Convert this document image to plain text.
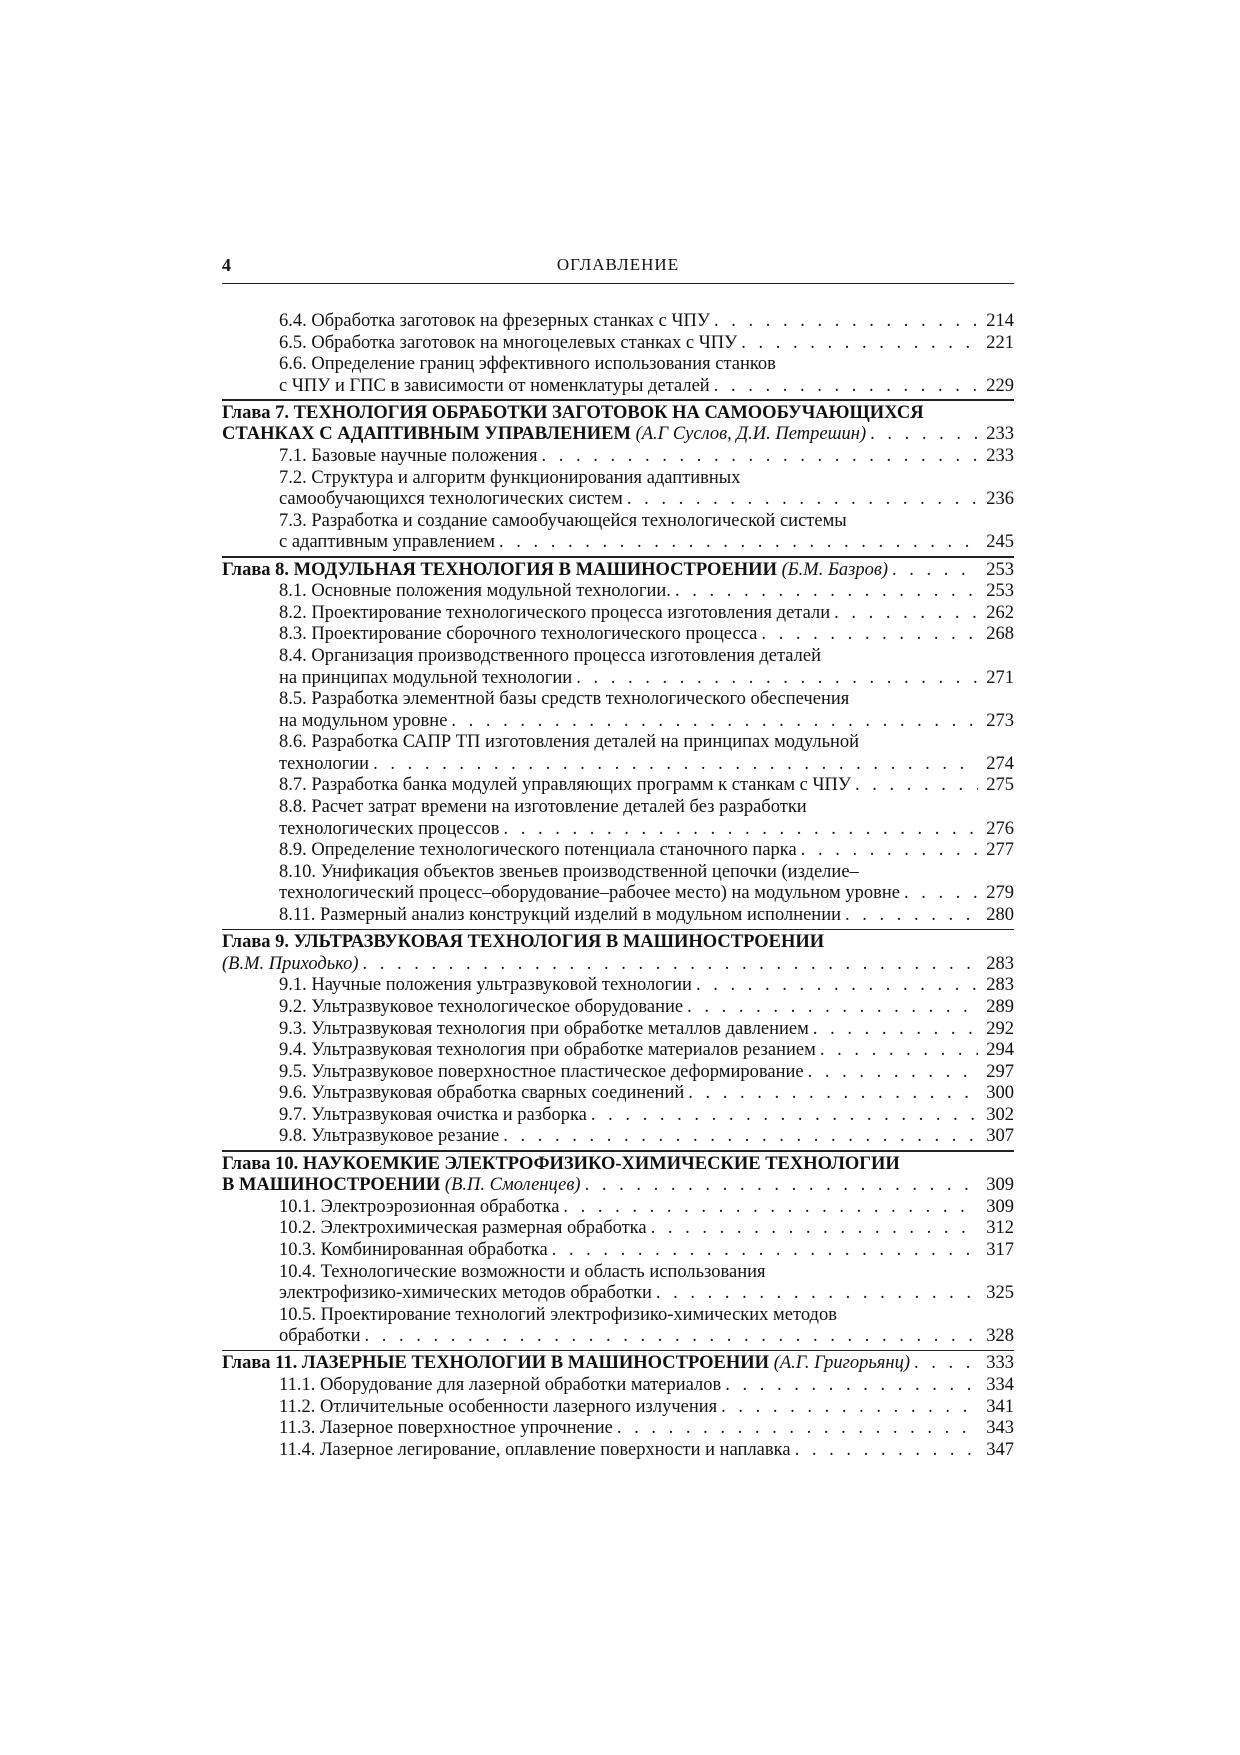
4	ОГЛАВЛЕНИЕ
6.4. Обработка заготовок на фрезерных станках с ЧПУ . . .	214
6.5. Обработка заготовок на многоцелевых станках с ЧПУ . . .	221
6.6. Определение границ эффективного использования станков
с ЧПУ и ГПС в зависимости от номенклатуры деталей . . .	229
Глава 7. ТЕХНОЛОГИЯ ОБРАБОТКИ ЗАГОТОВОК НА САМООБУЧАЮЩИХСЯ
СТАНКАХ С АДАПТИВНЫМ УПРАВЛЕНИЕМ (А.Г Суслов, Д.И. Петрешин) . . .	233
7.1. Базовые научные положения . . .	233
7.2. Структура и алгоритм функционирования адаптивных
самообучающихся технологических систем . . .	236
7.3. Разработка и создание самообучающейся технологической системы
с адаптивным управлением . . .	245
Глава 8. МОДУЛЬНАЯ ТЕХНОЛОГИЯ В МАШИНОСТРОЕНИИ (Б.М. Базров) . . .	253
8.1. Основные положения модульной технологии. . . .	253
8.2. Проектирование технологического процесса изготовления детали . . .	262
8.3. Проектирование сборочного технологического процесса . . .	268
8.4. Организация производственного процесса изготовления деталей
на принципах модульной технологии . . .	271
8.5. Разработка элементной базы средств технологического обеспечения
на модульном уровне . . .	273
8.6. Разработка САПР ТП изготовления деталей на принципах модульной
технологии . . .	274
8.7. Разработка банка модулей управляющих программ к станкам с ЧПУ . . .	275
8.8. Расчет затрат времени на изготовление деталей без разработки
технологических процессов . . .	276
8.9. Определение технологического потенциала станочного парка . . .	277
8.10. Унификация объектов звеньев производственной цепочки (изделие–
технологический процесс–оборудование–рабочее место) на модульном уровне . . .	279
8.11. Размерный анализ конструкций изделий в модульном исполнении . . .	280
Глава 9. УЛЬТРАЗВУКОВАЯ ТЕХНОЛОГИЯ В МАШИНОСТРОЕНИИ
(В.М. Приходько) . . .	283
9.1. Научные положения ультразвуковой технологии . . .	283
9.2. Ультразвуковое технологическое оборудование . . .	289
9.3. Ультразвуковая технология при обработке металлов давлением . . .	292
9.4. Ультразвуковая технология при обработке материалов резанием . . .	294
9.5. Ультразвуковое поверхностное пластическое деформирование . . .	297
9.6. Ультразвуковая обработка сварных соединений . . .	300
9.7. Ультразвуковая очистка и разборка . . .	302
9.8. Ультразвуковое резание . . .	307
Глава 10. НАУКОЕМКИЕ ЭЛЕКТРОФИЗИКО-ХИМИЧЕСКИЕ ТЕХНОЛОГИИ
В МАШИНОСТРОЕНИИ (В.П. Смоленцев) . . .	309
10.1. Электроэрозионная обработка . . .	309
10.2. Электрохимическая размерная обработка . . .	312
10.3. Комбинированная обработка . . .	317
10.4. Технологические возможности и область использования
электрофизико-химических методов обработки . . .	325
10.5. Проектирование технологий электрофизико-химических методов
обработки . . .	328
Глава 11. ЛАЗЕРНЫЕ ТЕХНОЛОГИИ В МАШИНОСТРОЕНИИ (А.Г. Григорьянц) . . .	333
11.1. Оборудование для лазерной обработки материалов . . .	334
11.2. Отличительные особенности лазерного излучения . . .	341
11.3. Лазерное поверхностное упрочнение . . .	343
11.4. Лазерное легирование, оплавление поверхности и наплавка . . .	347
